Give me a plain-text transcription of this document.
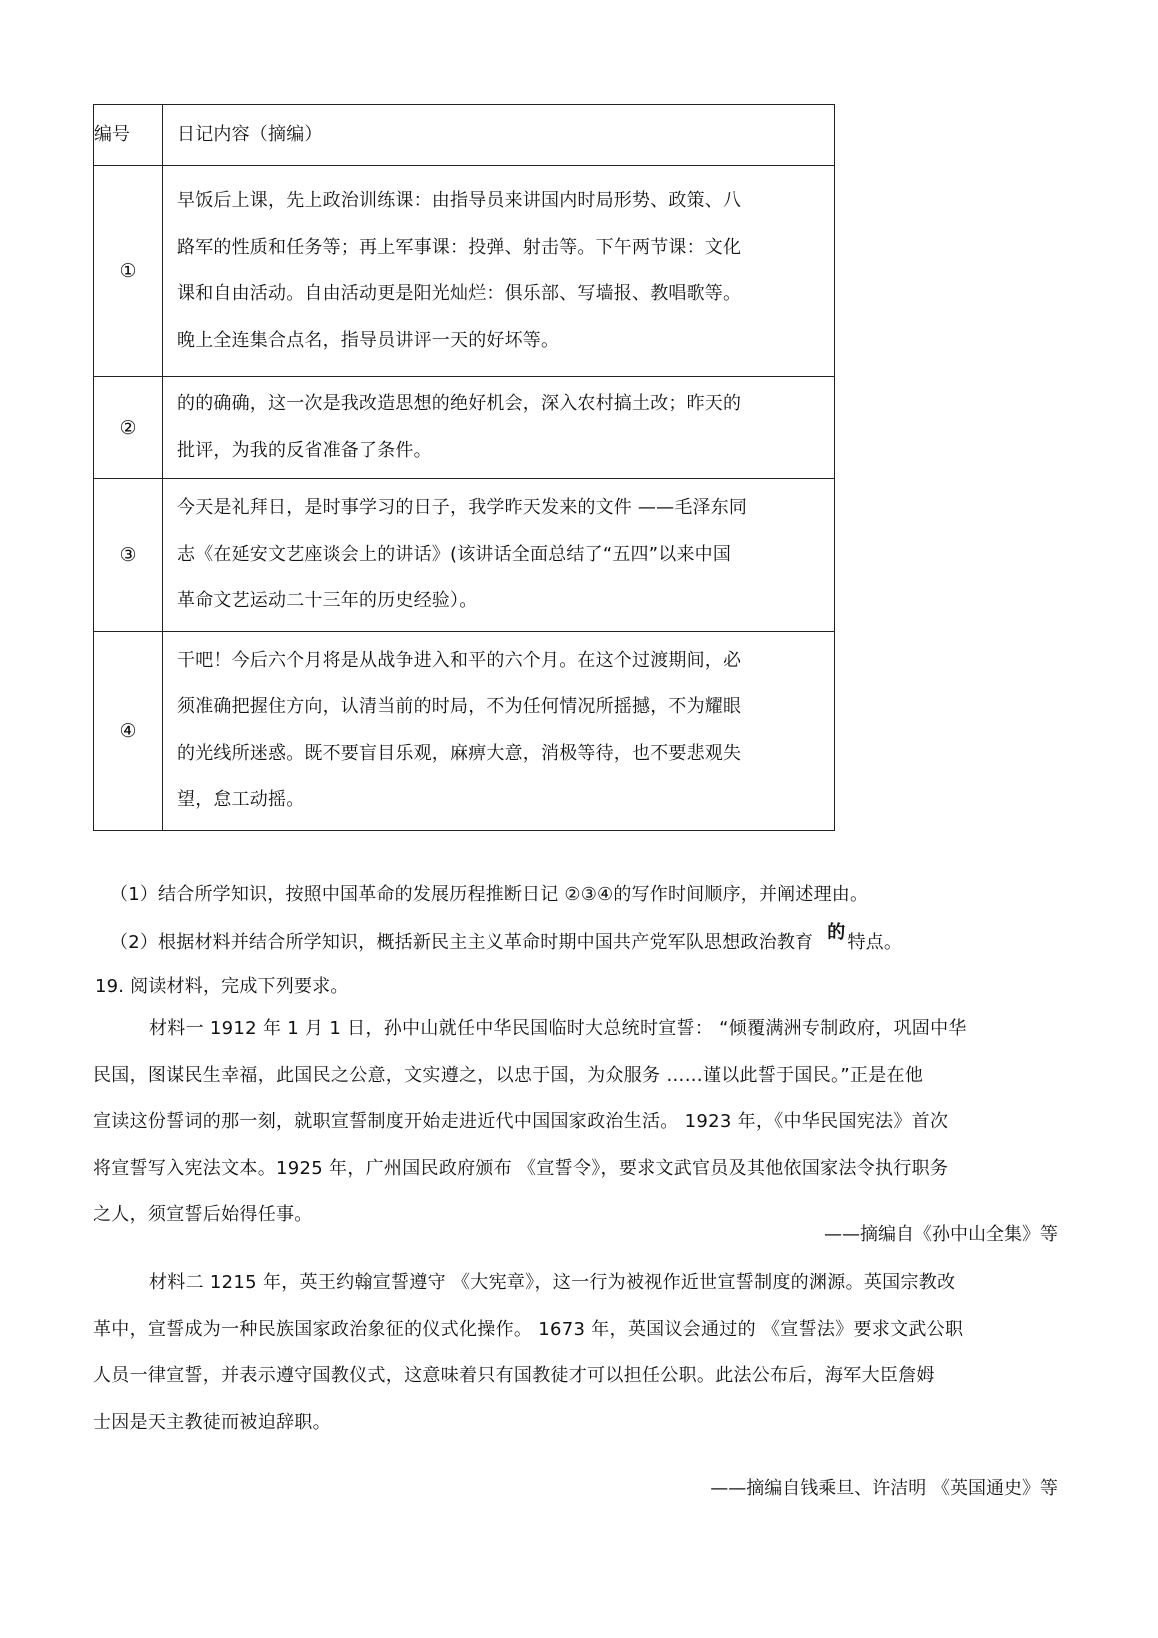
编号	日记内容（摘编）
①	早饭后上课，先上政治训练课：由指导员来讲国内时局形势、政策、八
路军的性质和任务等；再上军事课：投弹、射击等。下午两节课：文化
课和自由活动。自由活动更是阳光灿烂：俱乐部、写墙报、教唱歌等。
晚上全连集合点名，指导员讲评一天的好坏等。

②	的的确确，这一次是我改造思想的绝好机会，深入农村搞土改；昨天的
批评，为我的反省准备了条件。

③	今天是礼拜日，是时事学习的日子，我学昨天发来的文件 ——毛泽东同
志《在延安文艺座谈会上的讲话》(该讲话全面总结了“五四”以来中国
革命文艺运动二十三年的历史经验）。

④	干吧！今后六个月将是从战争进入和平的六个月。在这个过渡期间，必
须准确把握住方向，认清当前的时局，不为任何情况所摇撼，不为耀眼
的光线所迷惑。既不要盲目乐观，麻痹大意，消极等待，也不要悲观失
望，怠工动摇。
（1）结合所学知识，按照中国革命的发展历程推断日记 ②③④的写作时间顺序，并阐述理由。
（2）根据材料并结合所学知识，概括新民主主义革命时期中国共产党军队思想政治教育 的 特点。
19. 阅读材料，完成下列要求。
材料一 1912 年 1 月 1 日，孙中山就任中华民国临时大总统时宣誓： “倾覆满洲专制政府，巩固中华
民国，图谋民生幸福，此国民之公意，文实遵之，以忠于国，为众服务 ……谨以此誓于国民。”正是在他
宣读这份誓词的那一刻，就职宣誓制度开始走进近代中国国家政治生活。 1923 年，《中华民国宪法》首次
将宣誓写入宪法文本。1925 年，广州国民政府颁布 《宣誓令》，要求文武官员及其他依国家法令执行职务
之人，须宣誓后始得任事。
——摘编自《孙中山全集》等
材料二 1215 年，英王约翰宣誓遵守 《大宪章》，这一行为被视作近世宣誓制度的渊源。英国宗教改
革中，宣誓成为一种民族国家政治象征的仪式化操作。 1673 年，英国议会通过的 《宣誓法》要求文武公职
人员一律宣誓，并表示遵守国教仪式，这意味着只有国教徒才可以担任公职。此法公布后，海军大臣詹姆
士因是天主教徒而被迫辞职。
——摘编自钱乘旦、许洁明 《英国通史》等
